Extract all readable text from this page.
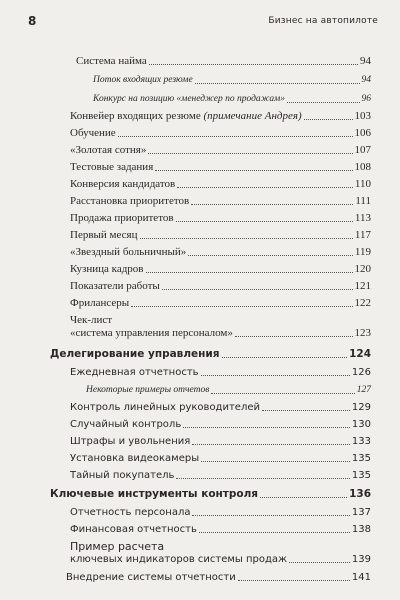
8	Бизнес на автопилоте
Система найма	94
Поток входящих резюме	94
Конкурс на позицию «менеджер по продажам»	96
Конвейер входящих резюме (примечание Андрея)	103
Обучение	106
«Золотая сотня»	107
Тестовые задания	108
Конверсия кандидатов	110
Расстановка приоритетов	111
Продажа приоритетов	113
Первый месяц	117
«Звездный больничный»	119
Кузница кадров	120
Показатели работы	121
Фрилансеры	122
Чек-лист
«система управления персоналом»	123
Делегирование управления	124
Ежедневная отчетность	126
Некоторые примеры отчетов	127
Контроль линейных руководителей	129
Случайный контроль	130
Штрафы и увольнения	133
Установка видеокамеры	135
Тайный покупатель	135
Ключевые инструменты контроля	136
Отчетность персонала	137
Финансовая отчетность	138
Пример расчета
ключевых индикаторов системы продаж	139
Внедрение системы отчетности	141
